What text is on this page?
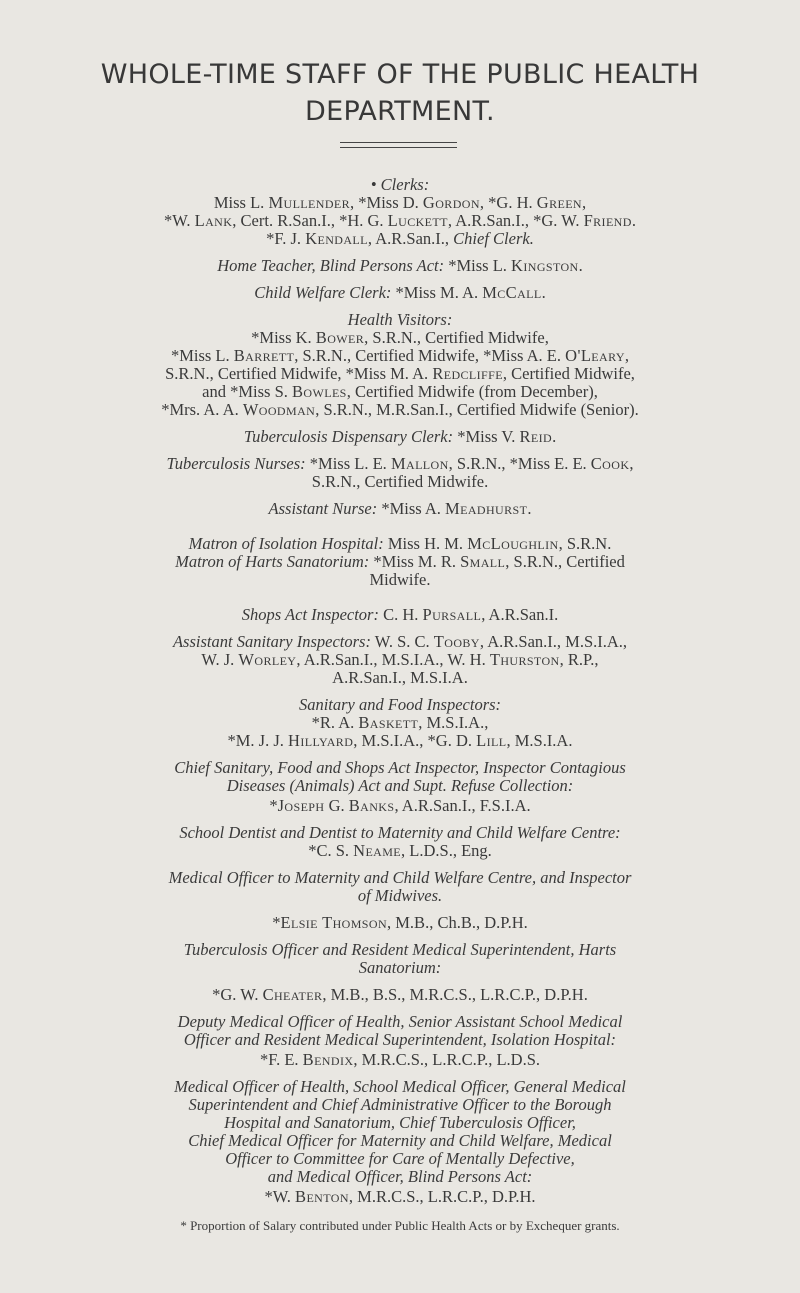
WHOLE-TIME STAFF OF THE PUBLIC HEALTH
DEPARTMENT.
• Clerks:
Miss L. Mullender, *Miss D. Gordon, *G. H. Green,
*W. Lank, Cert. R.San.I., *H. G. Luckett, A.R.San.I., *G. W. Friend.
*F. J. Kendall, A.R.San.I., Chief Clerk.
Home Teacher, Blind Persons Act: *Miss L. Kingston.
Child Welfare Clerk: *Miss M. A. McCall.
Health Visitors:
*Miss K. Bower, S.R.N., Certified Midwife,
*Miss L. Barrett, S.R.N., Certified Midwife, *Miss A. E. O'Leary,
S.R.N., Certified Midwife, *Miss M. A. Redcliffe, Certified Midwife,
and *Miss S. Bowles, Certified Midwife (from December),
*Mrs. A. A. Woodman, S.R.N., M.R.San.I., Certified Midwife (Senior).
Tuberculosis Dispensary Clerk: *Miss V. Reid.
Tuberculosis Nurses: *Miss L. E. Mallon, S.R.N., *Miss E. E. Cook,
S.R.N., Certified Midwife.
Assistant Nurse: *Miss A. Meadhurst.
Matron of Isolation Hospital: Miss H. M. McLoughlin, S.R.N.
Matron of Harts Sanatorium: *Miss M. R. Small, S.R.N., Certified
Midwife.
Shops Act Inspector: C. H. Pursall, A.R.San.I.
Assistant Sanitary Inspectors: W. S. C. Tooby, A.R.San.I., M.S.I.A.,
W. J. Worley, A.R.San.I., M.S.I.A., W. H. Thurston, R.P.,
A.R.San.I., M.S.I.A.
Sanitary and Food Inspectors:
*R. A. Baskett, M.S.I.A.,
*M. J. J. Hillyard, M.S.I.A., *G. D. Lill, M.S.I.A.
Chief Sanitary, Food and Shops Act Inspector, Inspector Contagious
Diseases (Animals) Act and Supt. Refuse Collection:
*Joseph G. Banks, A.R.San.I., F.S.I.A.
School Dentist and Dentist to Maternity and Child Welfare Centre:
*C. S. Neame, L.D.S., Eng.
Medical Officer to Maternity and Child Welfare Centre, and Inspector
of Midwives.
*Elsie Thomson, M.B., Ch.B., D.P.H.
Tuberculosis Officer and Resident Medical Superintendent, Harts
Sanatorium:
*G. W. Cheater, M.B., B.S., M.R.C.S., L.R.C.P., D.P.H.
Deputy Medical Officer of Health, Senior Assistant School Medical
Officer and Resident Medical Superintendent, Isolation Hospital:
*F. E. Bendix, M.R.C.S., L.R.C.P., L.D.S.
Medical Officer of Health, School Medical Officer, General Medical
Superintendent and Chief Administrative Officer to the Borough
Hospital and Sanatorium, Chief Tuberculosis Officer,
Chief Medical Officer for Maternity and Child Welfare, Medical
Officer to Committee for Care of Mentally Defective,
and Medical Officer, Blind Persons Act:
*W. Benton, M.R.C.S., L.R.C.P., D.P.H.
* Proportion of Salary contributed under Public Health Acts or by Exchequer grants.
